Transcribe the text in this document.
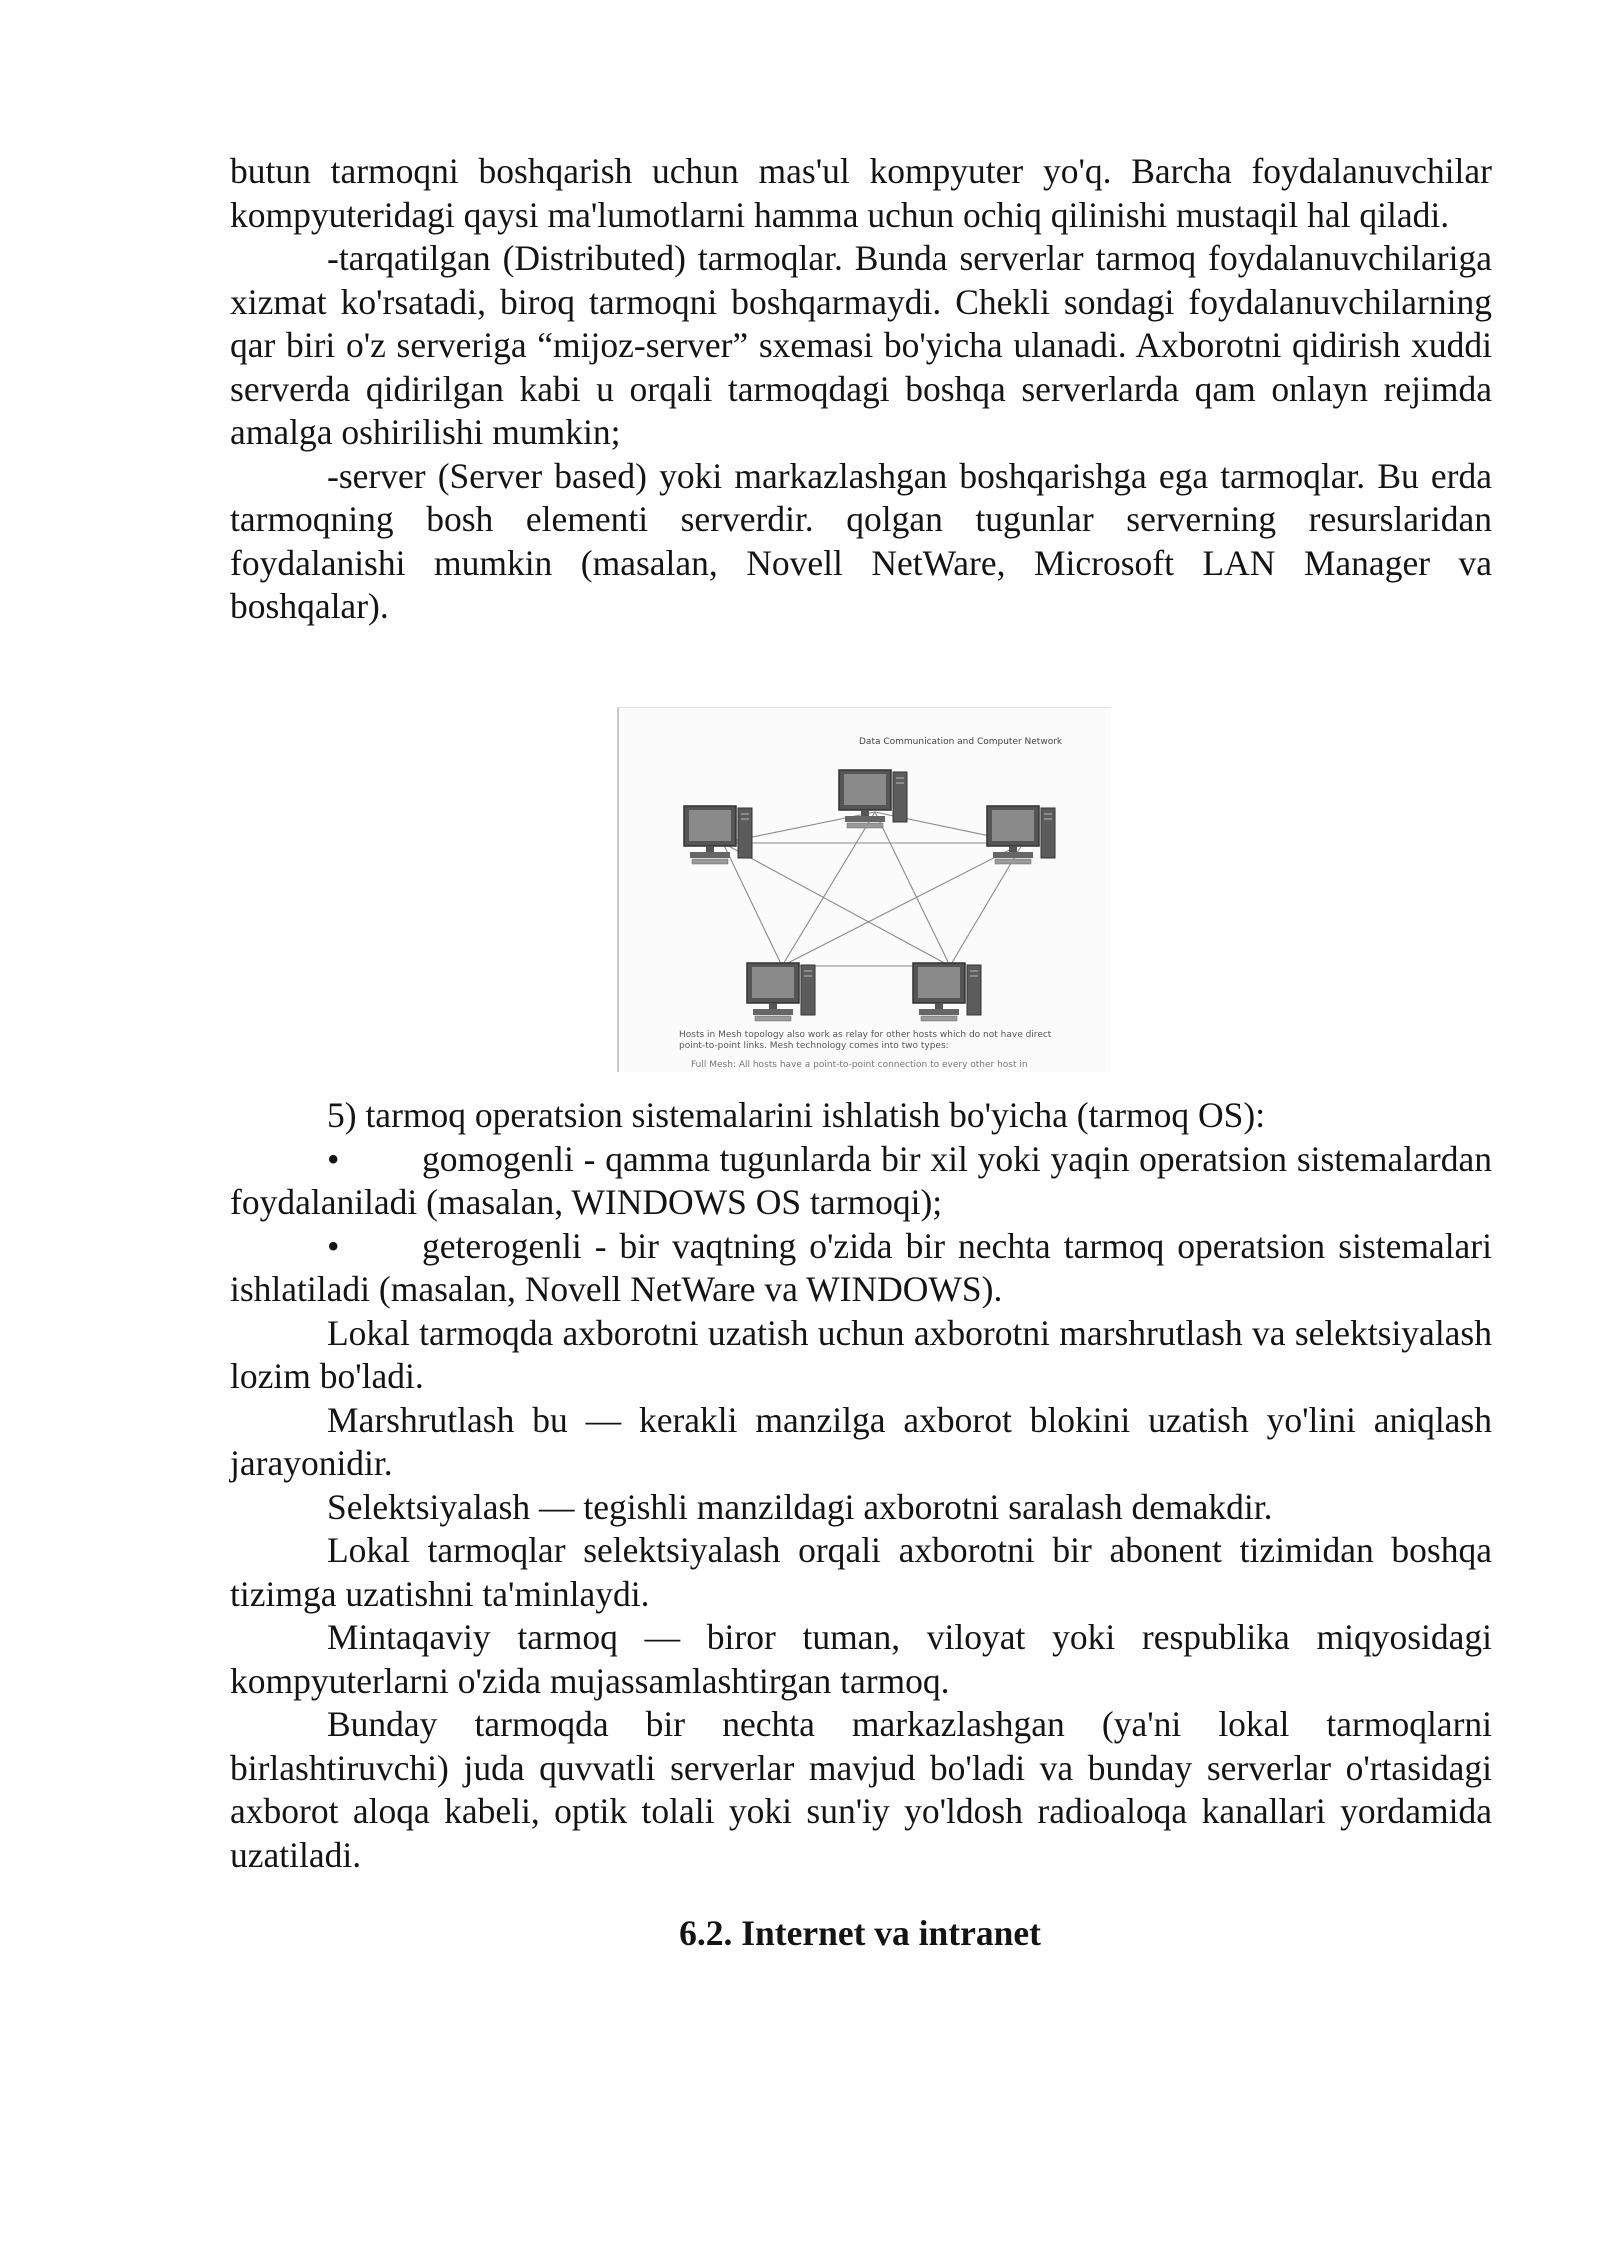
butun tarmoqni boshqarish uchun mas'ul kompyuter yo'q. Barcha foydalanuvchilar kompyuteridagi qaysi ma'lumotlarni hamma uchun ochiq qilinishi mustaqil hal qiladi.

-tarqatilgan (Distributed) tarmoqlar. Bunda serverlar tarmoq foydalanuvchilariga xizmat ko'rsatadi, biroq tarmoqni boshqarmaydi. Chekli sondagi foydalanuvchilarning qar biri o'z serveriga “mijoz-server” sxemasi bo'yicha ulanadi. Axborotni qidirish xuddi serverda qidirilgan kabi u orqali tarmoqdagi boshqa serverlarda qam onlayn rejimda amalga oshirilishi mumkin;

-server (Server based) yoki markazlashgan boshqarishga ega tarmoqlar. Bu erda tarmoqning bosh elementi serverdir. qolgan tugunlar serverning resurslaridan foydalanishi mumkin (masalan, Novell NetWare, Microsoft LAN Manager va boshqalar).

Data Communication and Computer Network
Hosts in Mesh topology also work as relay for other hosts which do not have direct
point-to-point links. Mesh technology comes into two types:
Full Mesh: All hosts have a point-to-point connection to every other host in

5) tarmoq operatsion sistemalarini ishlatish bo'yicha (tarmoq OS):

• gomogenli - qamma tugunlarda bir xil yoki yaqin operatsion sistemalardan foydalaniladi (masalan, WINDOWS OS tarmoqi);

• geterogenli - bir vaqtning o'zida bir nechta tarmoq operatsion sistemalari ishlatiladi (masalan, Novell NetWare va WINDOWS).

Lokal tarmoqda axborotni uzatish uchun axborotni marshrutlash va selektsiyalash lozim bo'ladi.

Marshrutlash bu — kerakli manzilga axborot blokini uzatish yo'lini aniqlash jarayonidir.

Selektsiyalash — tegishli manzildagi axborotni saralash demakdir.

Lokal tarmoqlar selektsiyalash orqali axborotni bir abonent tizimidan boshqa tizimga uzatishni ta'minlaydi.

Mintaqaviy tarmoq — biror tuman, viloyat yoki respublika miqyosidagi kompyuterlarni o'zida mujassamlashtirgan tarmoq.

Bunday tarmoqda bir nechta markazlashgan (ya'ni lokal tarmoqlarni birlashtiruvchi) juda quvvatli serverlar mavjud bo'ladi va bunday serverlar o'rtasidagi axborot aloqa kabeli, optik tolali yoki sun'iy yo'ldosh radioaloqa kanallari yordamida uzatiladi.

6.2. Internet va intranet
